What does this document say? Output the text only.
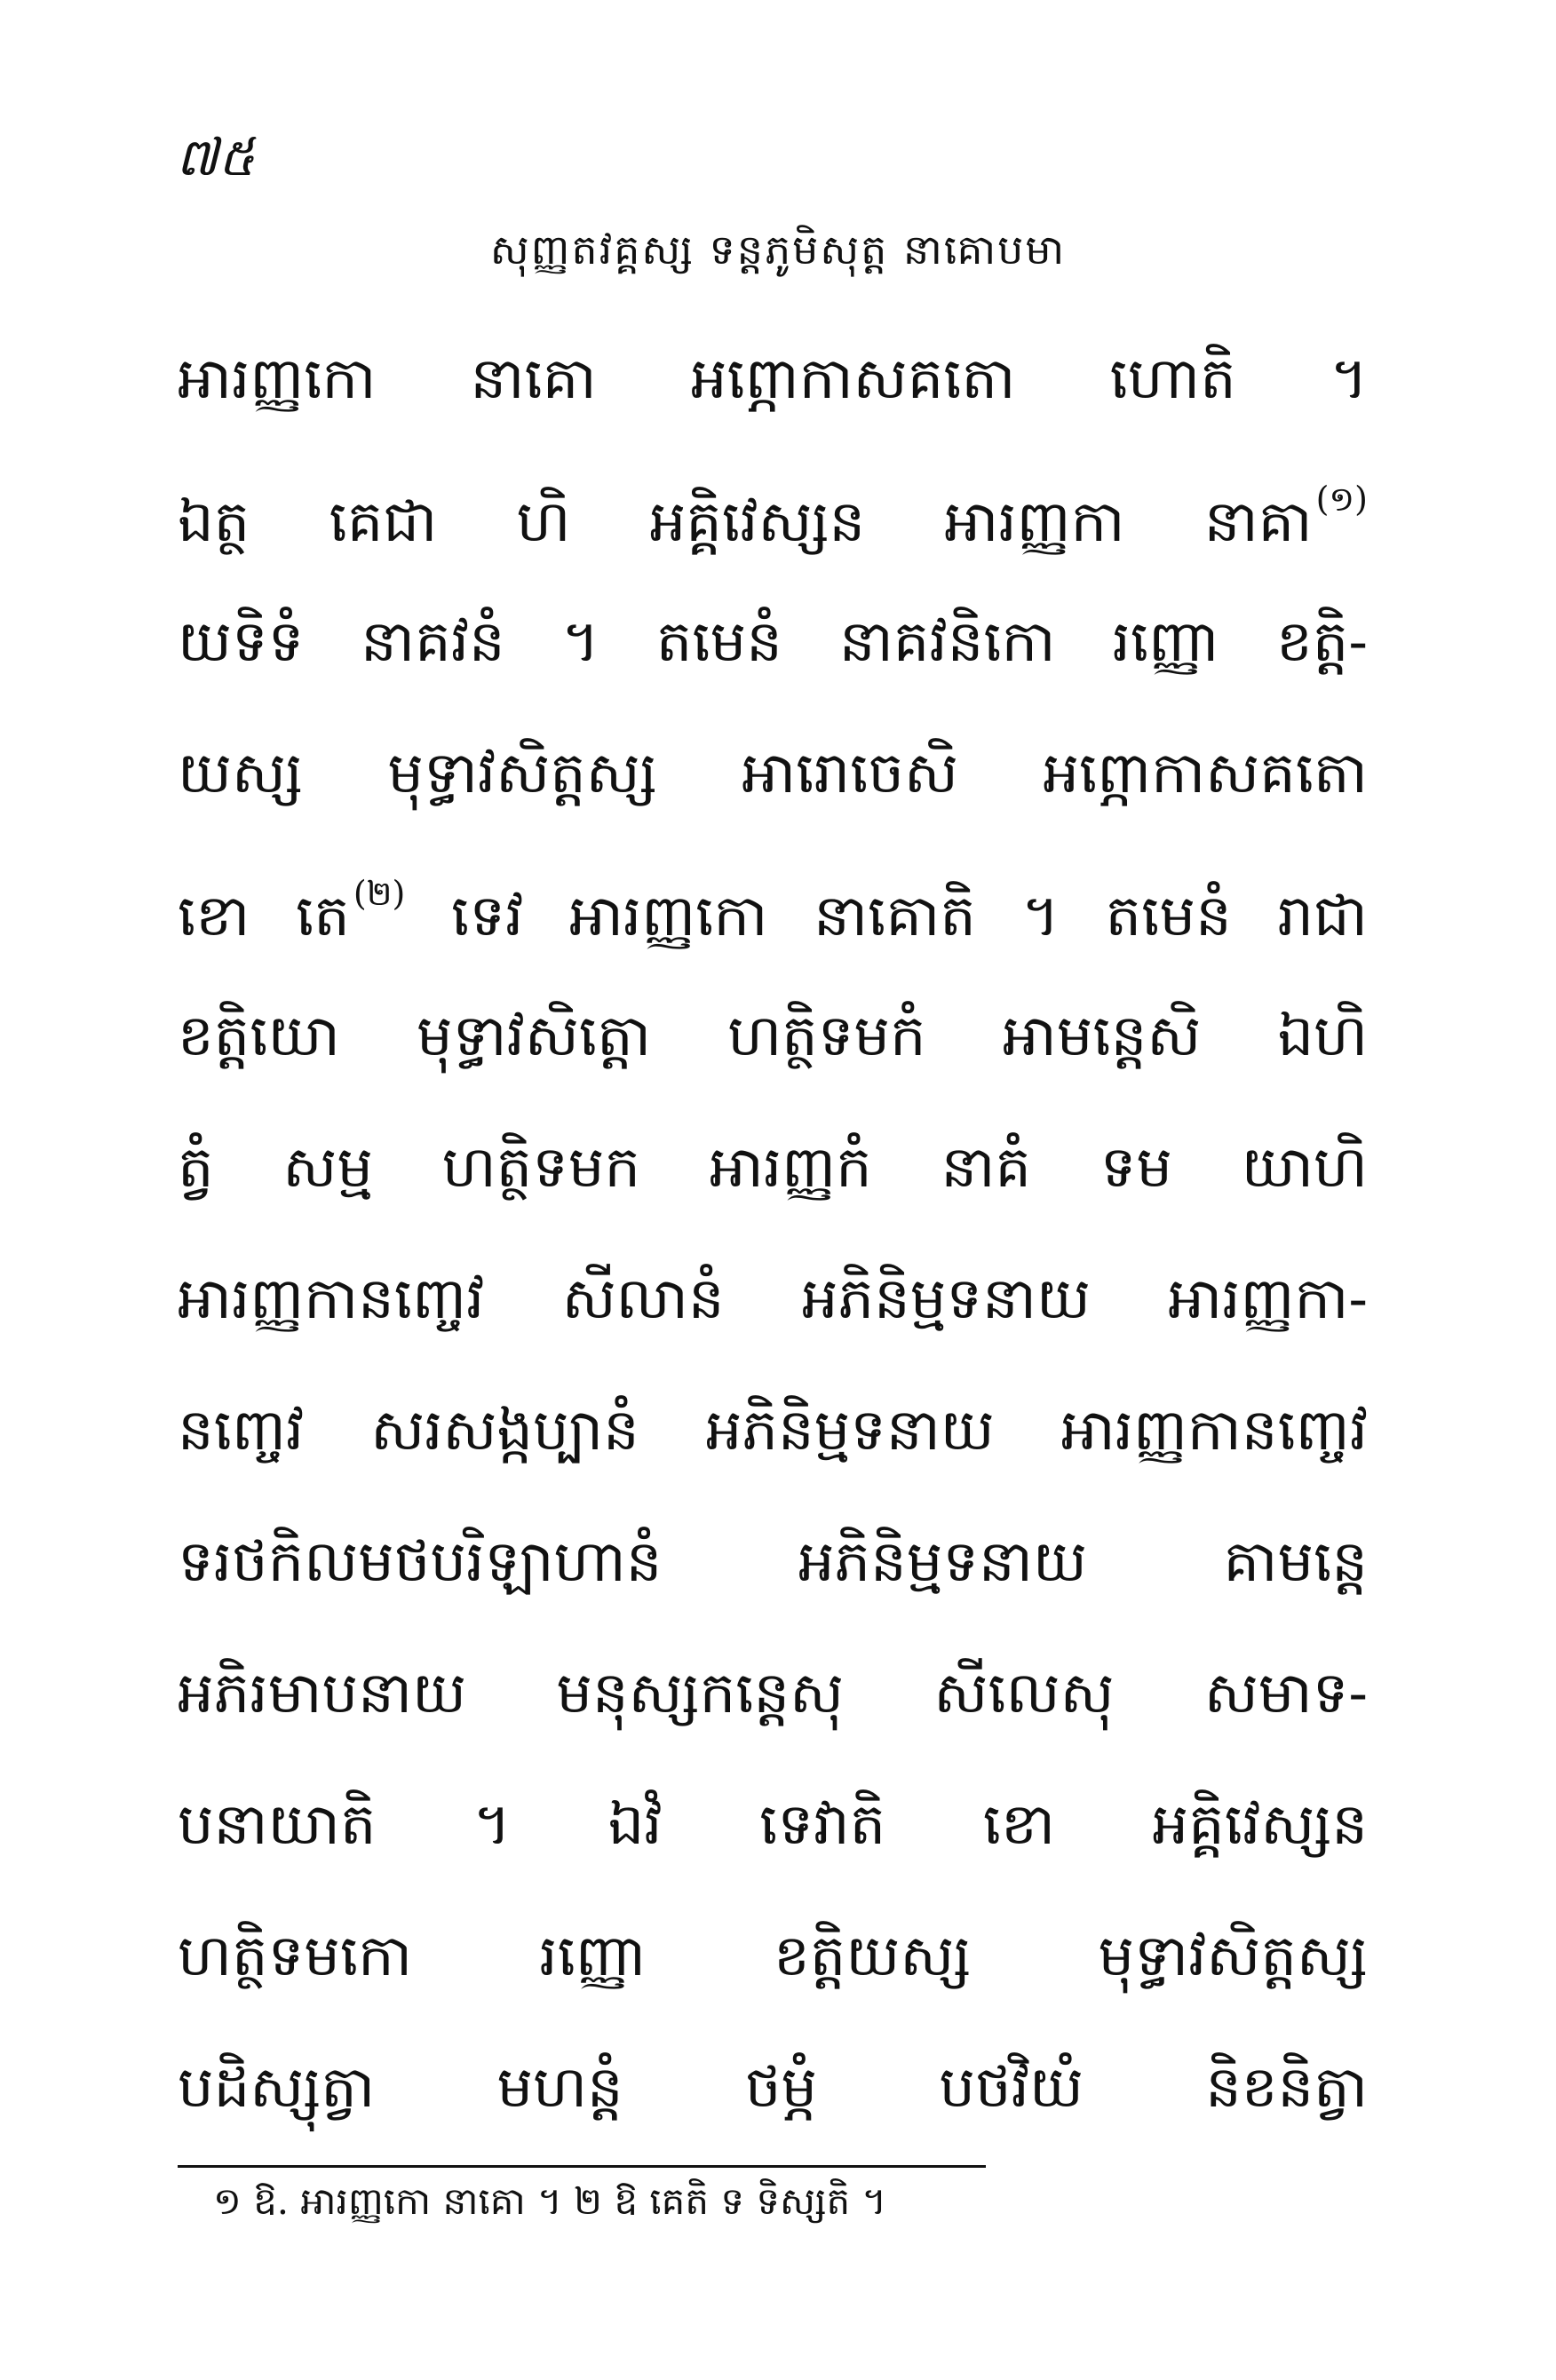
៧៥
សុញ្ញតវគ្គស្ស ទន្តភូមិសុត្ត នាគោបមា
អារញ្ញកោ នាគោ អព្ភោកាសគតោ ហោតិ ។
ឯត្ថ គេជា ហិ អគ្គិវេស្សន អារញ្ញកា នាគា $^{(១)}$
យទិទំ នាគវនំ ។ តមេនំ នាគវនិកោ រញ្ញោ ខត្តិ-
យស្ស មុទ្ធាវសិត្តស្ស អារោចេសិ អព្ភោកាសគតោ
ខោ តេ $^{(២)}$ ទេវ អារញ្ញកោ នាគោតិ ។ តមេនំ រាជា
ខត្តិយោ មុទ្ធាវសិត្តោ ហត្ថិទមកំ អាមន្តេសិ ឯហិ
ត្វំ សម្ម ហត្ថិទមក អារញ្ញកំ នាគំ ទម យាហិ
អារញ្ញកានញ្ចេវ សីលានំ អភិនិម្មទនាយ អារញ្ញកា-
នញ្ចេវ សរសង្កប្បានំ អភិនិម្មទនាយ អារញ្ញកានញ្ចេវ
ទរថកិលមថបរិឡាហានំ អភិនិម្មទនាយ គាមន្តេ
អភិរមាបនាយ មនុស្សកន្តេសុ សីលេសុ សមាទ-
បនាយាតិ ។ ឯវំ ទេវាតិ ខោ អគ្គិវេស្សន
ហត្ថិទមកោ រញ្ញោ ខត្តិយស្ស មុទ្ធាវសិត្តស្ស
បដិស្សុត្វា មហន្តំ ថម្ភំ បថវិយំ និខនិត្វា
១ ឱ. អារញ្ញកោ នាគោ ។ ២ ឱ គេតិ ទ ទិស្សតិ ។
